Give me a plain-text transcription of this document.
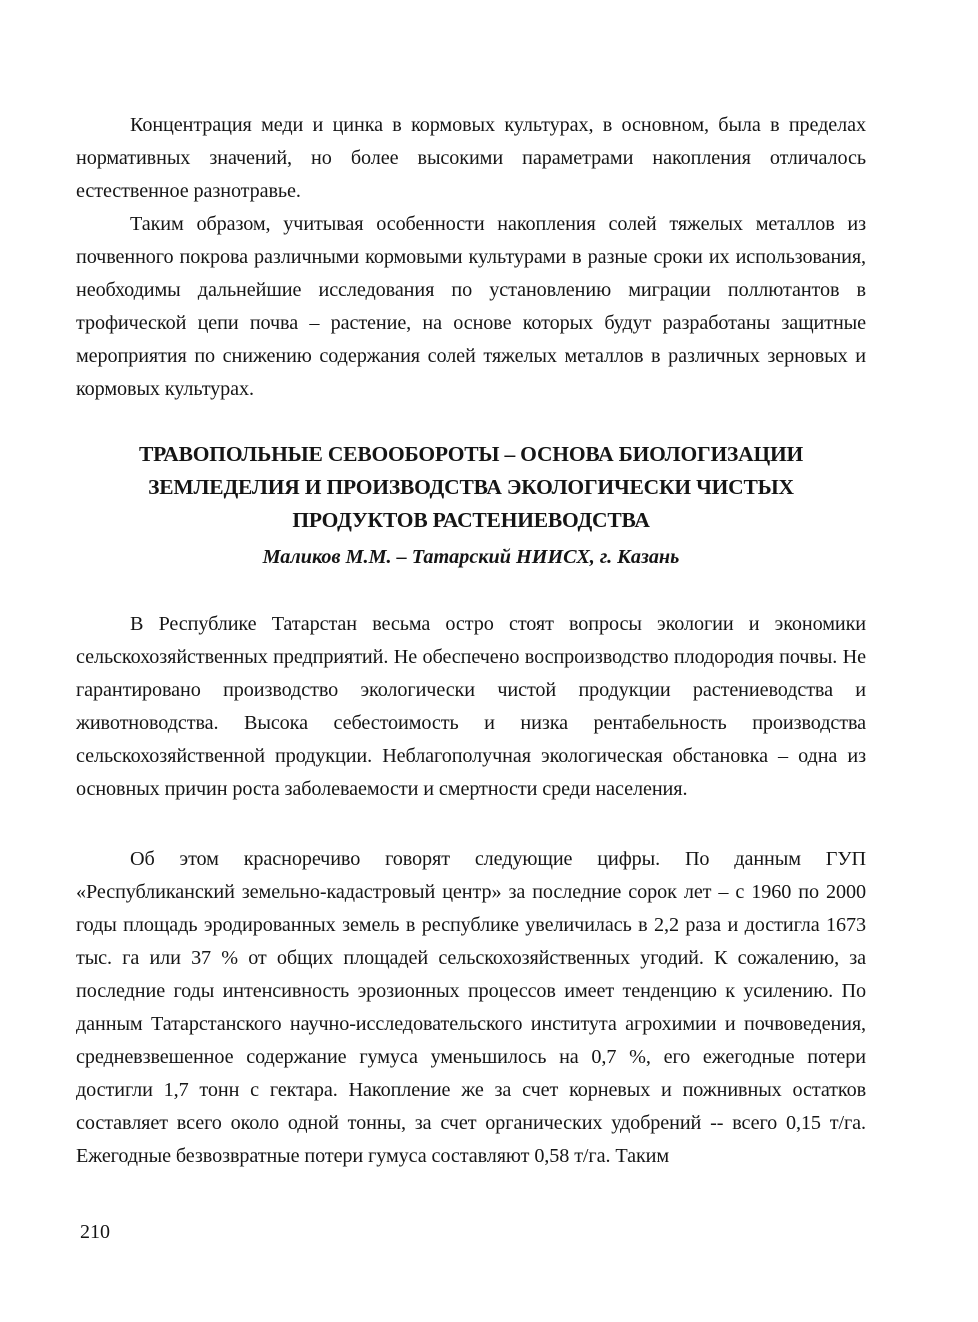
Концентрация меди и цинка в кормовых культурах, в основном, была в пределах нормативных значений, но более высокими параметрами накопления отличалось естественное разнотравье.

Таким образом, учитывая особенности накопления солей тяжелых металлов из почвенного покрова различными кормовыми культурами в разные сроки их использования, необходимы дальнейшие исследования по установлению миграции поллютантов в трофической цепи почва – растение, на основе которых будут разработаны защитные мероприятия по снижению содержания солей тяжелых металлов в различных зерновых и кормовых культурах.

ТРАВОПОЛЬНЫЕ СЕВООБОРОТЫ – ОСНОВА БИОЛОГИЗАЦИИ
ЗЕМЛЕДЕЛИЯ И ПРОИЗВОДСТВА ЭКОЛОГИЧЕСКИ ЧИСТЫХ
ПРОДУКТОВ РАСТЕНИЕВОДСТВА

Маликов М.М. – Татарский НИИСХ, г. Казань

В Республике Татарстан весьма остро стоят вопросы экологии и экономики сельскохозяйственных предприятий. Не обеспечено воспроизводство плодородия почвы. Не гарантировано производство экологически чистой продукции растениеводства и животноводства. Высока себестоимость и низка рентабельность производства сельскохозяйственной продукции. Неблагополучная экологическая обстановка – одна из основных причин роста заболеваемости и смертности среди населения.

Об этом красноречиво говорят следующие цифры. По данным ГУП «Республиканский земельно-кадастровый центр» за последние сорок лет – с 1960 по 2000 годы площадь эродированных земель в республике увеличилась в 2,2 раза и достигла 1673 тыс. га или 37 % от общих площадей сельскохозяйственных угодий. К сожалению, за последние годы интенсивность эрозионных процессов имеет тенденцию к усилению. По данным Татарстанского научно-исследовательского института агрохимии и почвоведения, средневзвешенное содержание гумуса уменьшилось на 0,7 %, его ежегодные потери достигли 1,7 тонн с гектара. Накопление же за счет корневых и пожнивных остатков составляет всего около одной тонны, за счет органических удобрений -- всего 0,15 т/га. Ежегодные безвозвратные потери гумуса составляют 0,58 т/га. Таким

210
